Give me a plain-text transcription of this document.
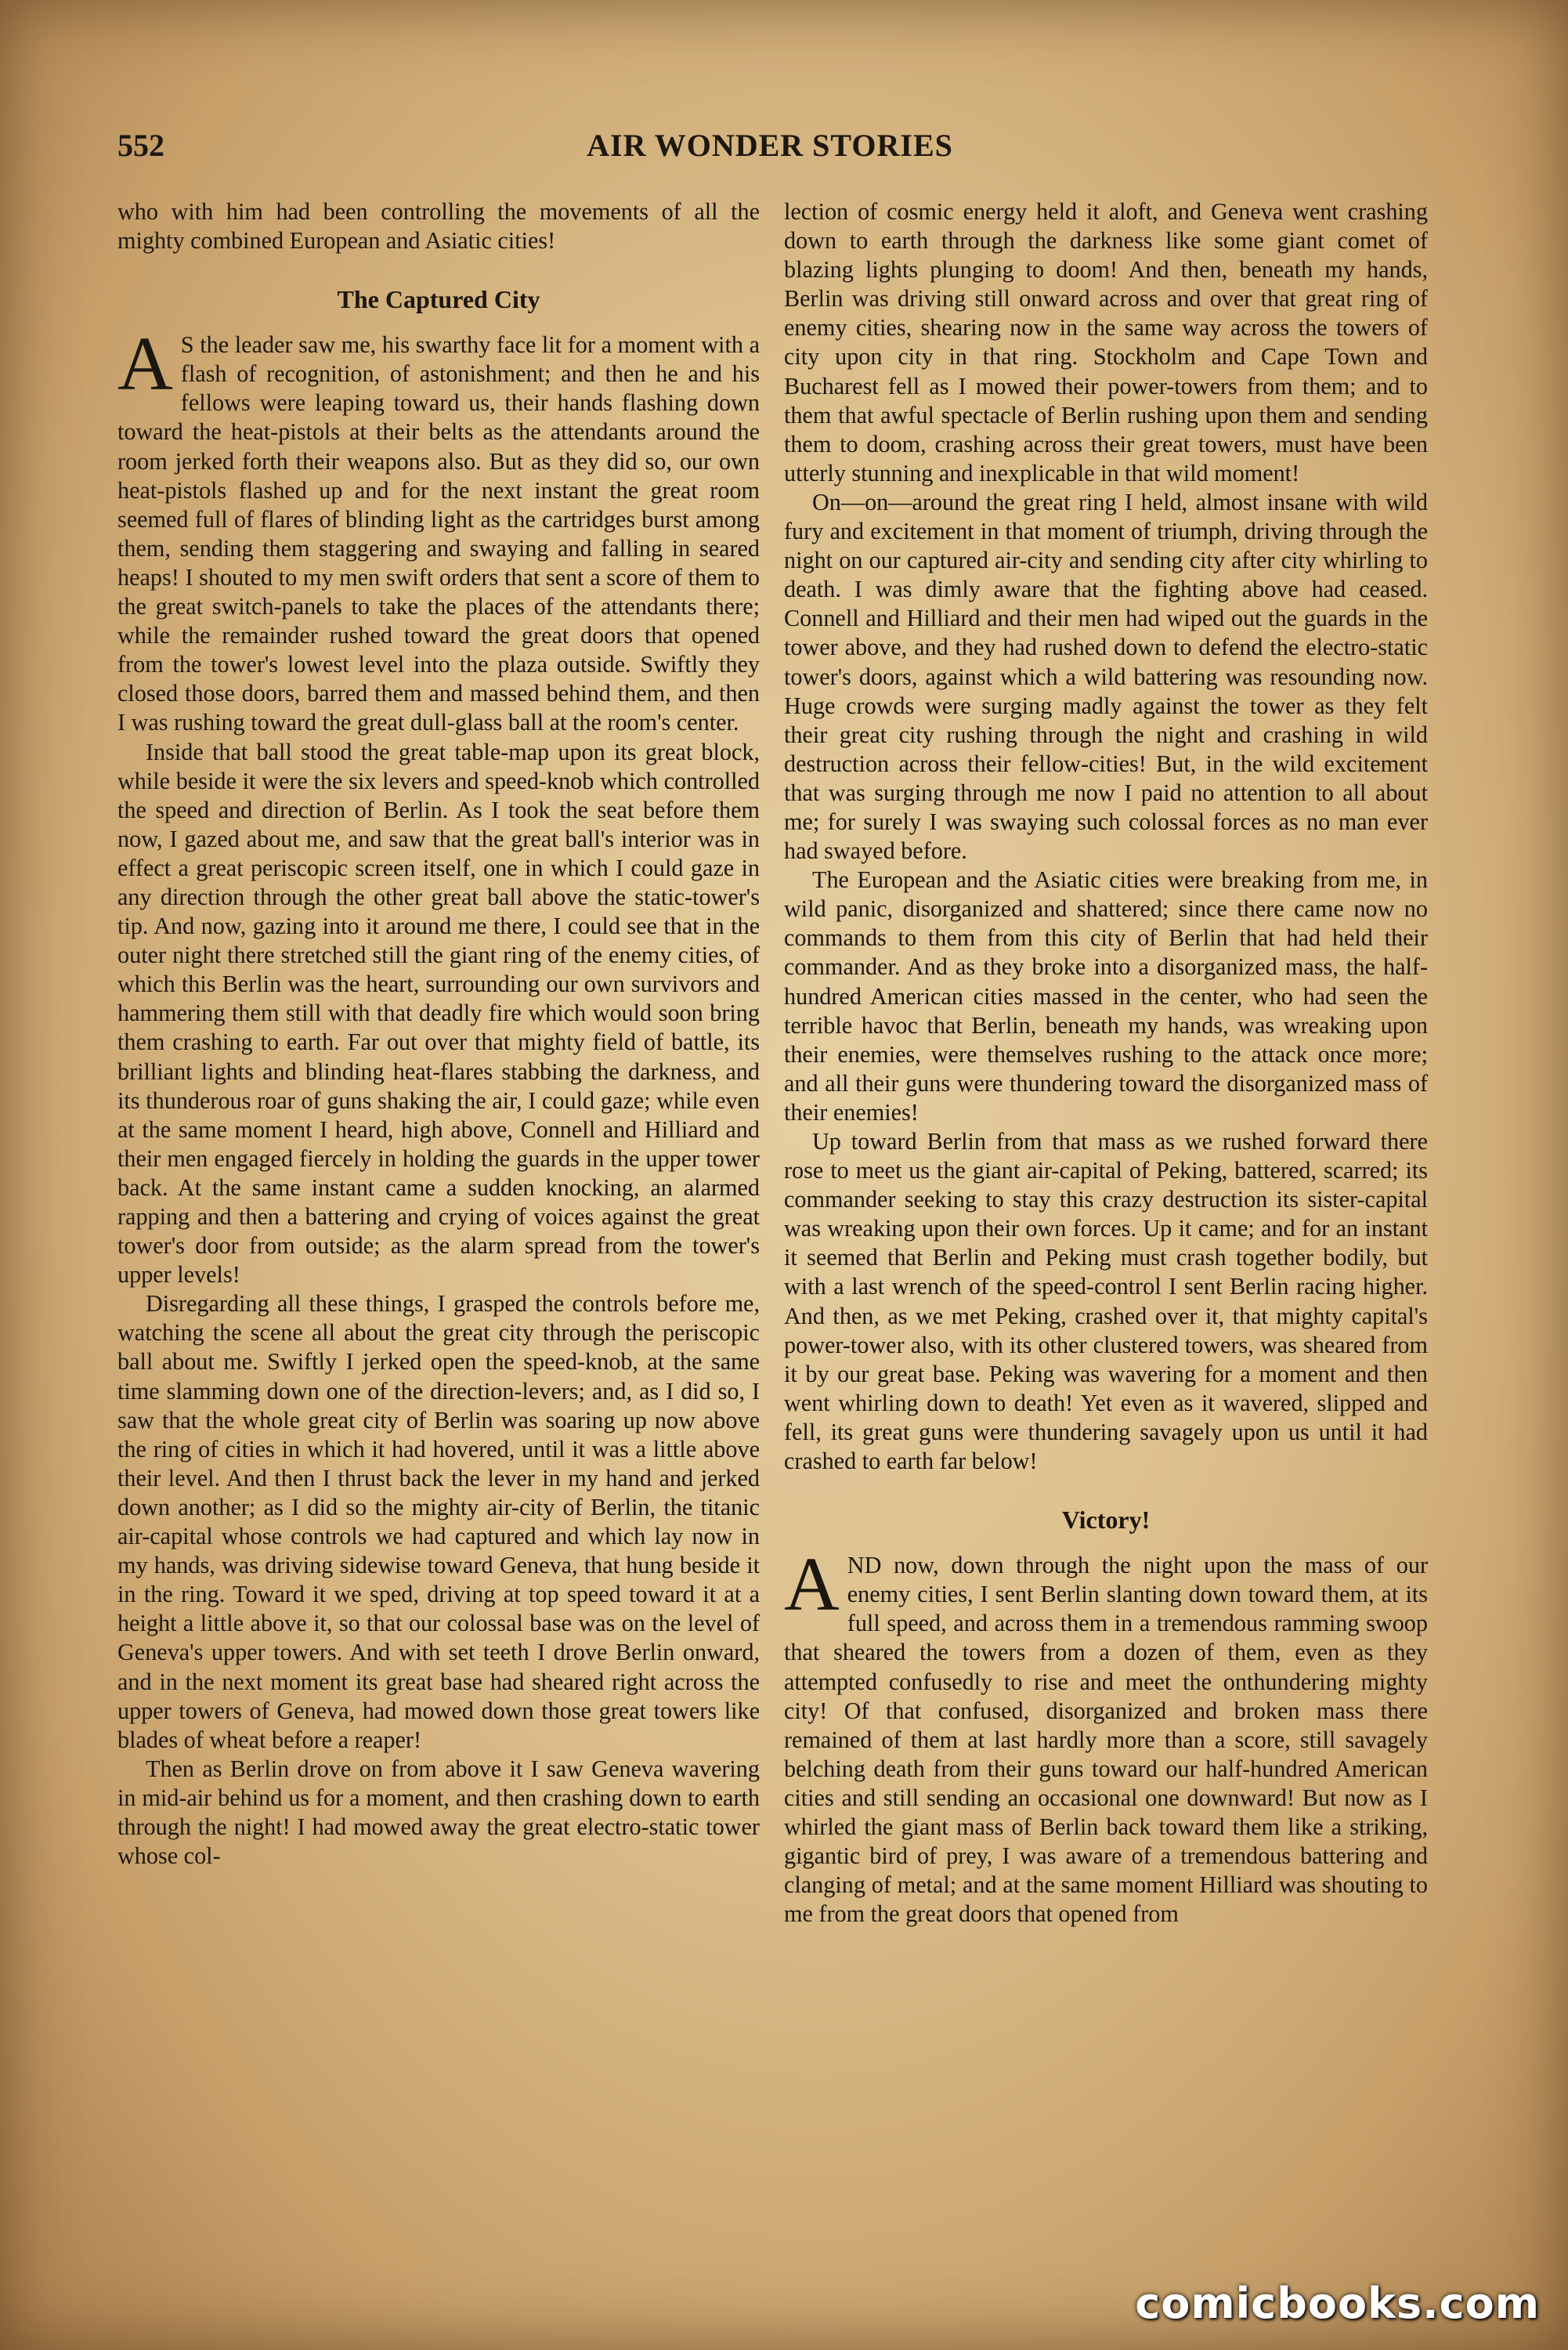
552	AIR WONDER STORIES

who with him had been controlling the movements of all the mighty combined European and Asiatic cities!

The Captured City

A S the leader saw me, his swarthy face lit for a moment with a flash of recognition, of astonishment; and then he and his fellows were leaping toward us, their hands flashing down toward the heat-pistols at their belts as the attendants around the room jerked forth their weapons also. But as they did so, our own heat-pistols flashed up and for the next instant the great room seemed full of flares of blinding light as the cartridges burst among them, sending them staggering and swaying and falling in seared heaps! I shouted to my men swift orders that sent a score of them to the great switch-panels to take the places of the attendants there; while the remainder rushed toward the great doors that opened from the tower's lowest level into the plaza outside. Swiftly they closed those doors, barred them and massed behind them, and then I was rushing toward the great dull-glass ball at the room's center.

Inside that ball stood the great table-map upon its great block, while beside it were the six levers and speed-knob which controlled the speed and direction of Berlin. As I took the seat before them now, I gazed about me, and saw that the great ball's interior was in effect a great periscopic screen itself, one in which I could gaze in any direction through the other great ball above the static-tower's tip. And now, gazing into it around me there, I could see that in the outer night there stretched still the giant ring of the enemy cities, of which this Berlin was the heart, surrounding our own survivors and hammering them still with that deadly fire which would soon bring them crashing to earth. Far out over that mighty field of battle, its brilliant lights and blinding heat-flares stabbing the darkness, and its thunderous roar of guns shaking the air, I could gaze; while even at the same moment I heard, high above, Connell and Hilliard and their men engaged fiercely in holding the guards in the upper tower back. At the same instant came a sudden knocking, an alarmed rapping and then a battering and crying of voices against the great tower's door from outside; as the alarm spread from the tower's upper levels!

Disregarding all these things, I grasped the controls before me, watching the scene all about the great city through the periscopic ball about me. Swiftly I jerked open the speed-knob, at the same time slamming down one of the direction-levers; and, as I did so, I saw that the whole great city of Berlin was soaring up now above the ring of cities in which it had hovered, until it was a little above their level. And then I thrust back the lever in my hand and jerked down another; as I did so the mighty air-city of Berlin, the titanic air-capital whose controls we had captured and which lay now in my hands, was driving sidewise toward Geneva, that hung beside it in the ring. Toward it we sped, driving at top speed toward it at a height a little above it, so that our colossal base was on the level of Geneva's upper towers. And with set teeth I drove Berlin onward, and in the next moment its great base had sheared right across the upper towers of Geneva, had mowed down those great towers like blades of wheat before a reaper!

Then as Berlin drove on from above it I saw Geneva wavering in mid-air behind us for a moment, and then crashing down to earth through the night! I had mowed away the great electro-static tower whose col-

lection of cosmic energy held it aloft, and Geneva went crashing down to earth through the darkness like some giant comet of blazing lights plunging to doom! And then, beneath my hands, Berlin was driving still onward across and over that great ring of enemy cities, shearing now in the same way across the towers of city upon city in that ring. Stockholm and Cape Town and Bucharest fell as I mowed their power-towers from them; and to them that awful spectacle of Berlin rushing upon them and sending them to doom, crashing across their great towers, must have been utterly stunning and inexplicable in that wild moment!

On—on—around the great ring I held, almost insane with wild fury and excitement in that moment of triumph, driving through the night on our captured air-city and sending city after city whirling to death. I was dimly aware that the fighting above had ceased. Connell and Hilliard and their men had wiped out the guards in the tower above, and they had rushed down to defend the electro-static tower's doors, against which a wild battering was resounding now. Huge crowds were surging madly against the tower as they felt their great city rushing through the night and crashing in wild destruction across their fellow-cities! But, in the wild excitement that was surging through me now I paid no attention to all about me; for surely I was swaying such colossal forces as no man ever had swayed before.

The European and the Asiatic cities were breaking from me, in wild panic, disorganized and shattered; since there came now no commands to them from this city of Berlin that had held their commander. And as they broke into a disorganized mass, the half-hundred American cities massed in the center, who had seen the terrible havoc that Berlin, beneath my hands, was wreaking upon their enemies, were themselves rushing to the attack once more; and all their guns were thundering toward the disorganized mass of their enemies!

Up toward Berlin from that mass as we rushed forward there rose to meet us the giant air-capital of Peking, battered, scarred; its commander seeking to stay this crazy destruction its sister-capital was wreaking upon their own forces. Up it came; and for an instant it seemed that Berlin and Peking must crash together bodily, but with a last wrench of the speed-control I sent Berlin racing higher. And then, as we met Peking, crashed over it, that mighty capital's power-tower also, with its other clustered towers, was sheared from it by our great base. Peking was wavering for a moment and then went whirling down to death! Yet even as it wavered, slipped and fell, its great guns were thundering savagely upon us until it had crashed to earth far below!

Victory!

AND now, down through the night upon the mass of our enemy cities, I sent Berlin slanting down toward them, at its full speed, and across them in a tremendous ramming swoop that sheared the towers from a dozen of them, even as they attempted confusedly to rise and meet the onthundering mighty city! Of that confused, disorganized and broken mass there remained of them at last hardly more than a score, still savagely belching death from their guns toward our half-hundred American cities and still sending an occasional one downward! But now as I whirled the giant mass of Berlin back toward them like a striking, gigantic bird of prey, I was aware of a tremendous battering and clanging of metal; and at the same moment Hilliard was shouting to me from the great doors that opened from

comicbooks.com
